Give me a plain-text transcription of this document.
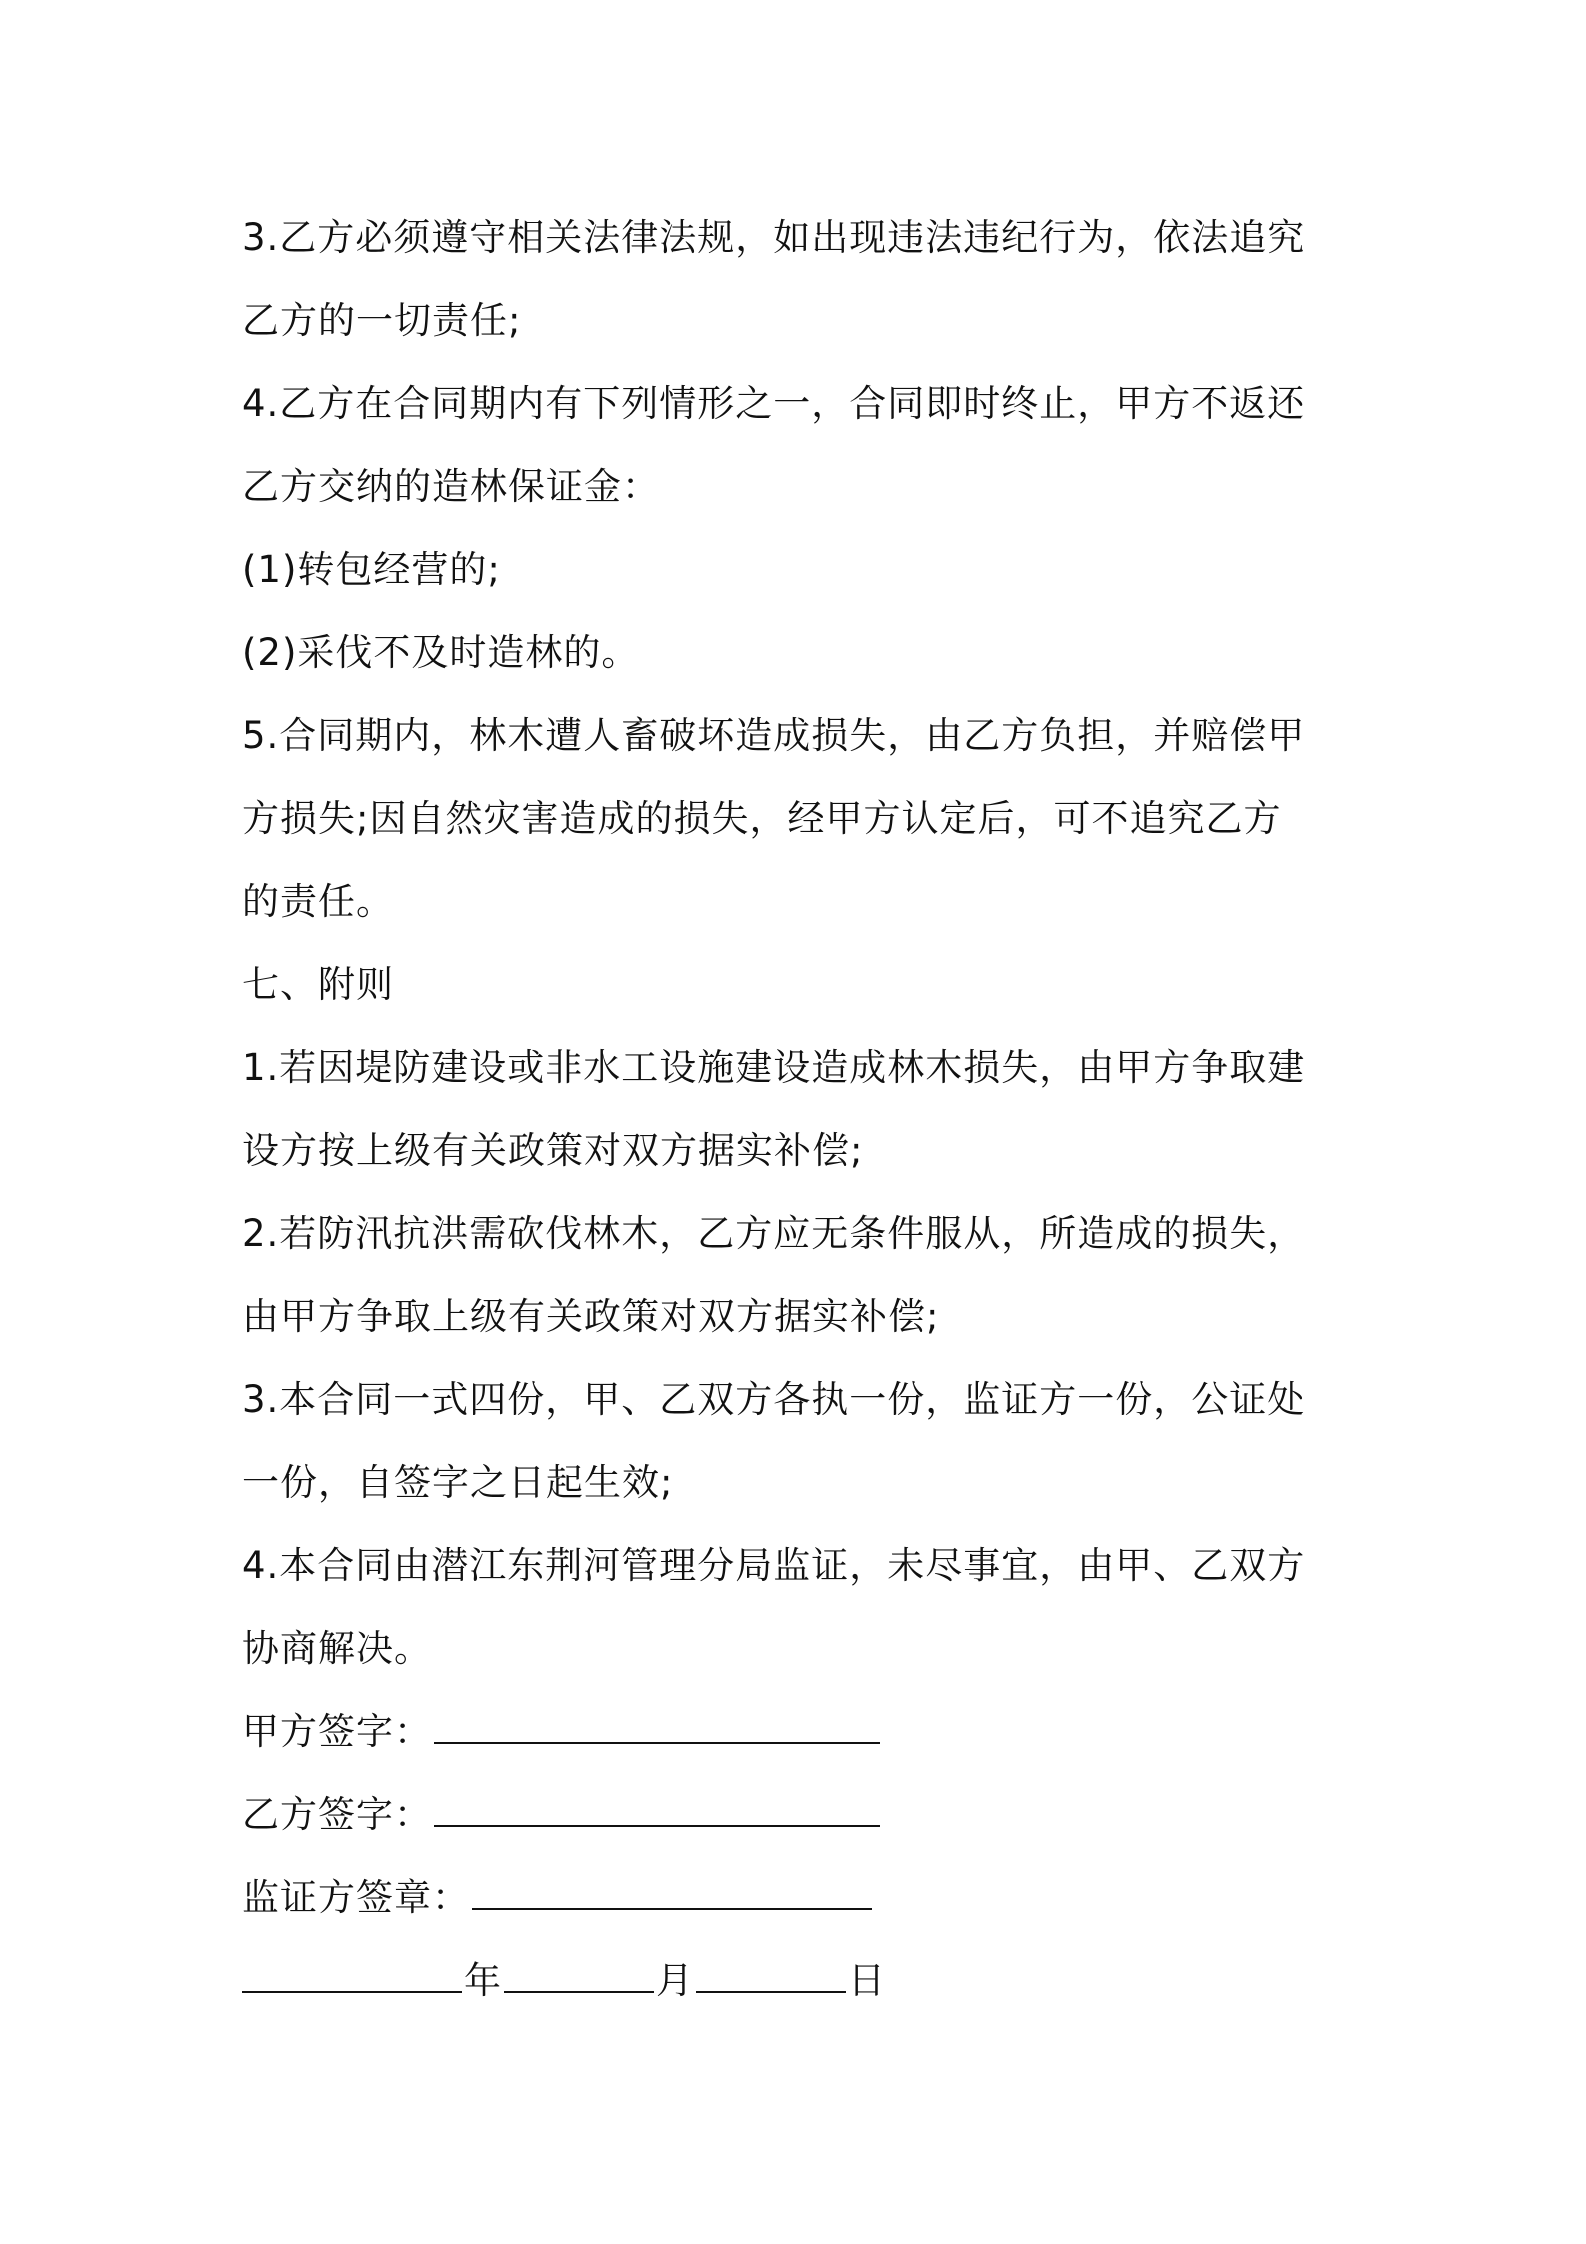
3.乙方必须遵守相关法律法规，如出现违法违纪行为，依法追究
乙方的一切责任;
4.乙方在合同期内有下列情形之一，合同即时终止，甲方不返还
乙方交纳的造林保证金：
(1)转包经营的;
(2)采伐不及时造林的。
5.合同期内，林木遭人畜破坏造成损失，由乙方负担，并赔偿甲
方损失;因自然灾害造成的损失，经甲方认定后，可不追究乙方
的责任。
七、附则
1.若因堤防建设或非水工设施建设造成林木损失，由甲方争取建
设方按上级有关政策对双方据实补偿;
2.若防汛抗洪需砍伐林木，乙方应无条件服从，所造成的损失，
由甲方争取上级有关政策对双方据实补偿;
3.本合同一式四份，甲、乙双方各执一份，监证方一份，公证处
一份，自签字之日起生效;
4.本合同由潜江东荆河管理分局监证，未尽事宜，由甲、乙双方
协商解决。
甲方签字：
乙方签字：
监证方签章：
年	月	日
